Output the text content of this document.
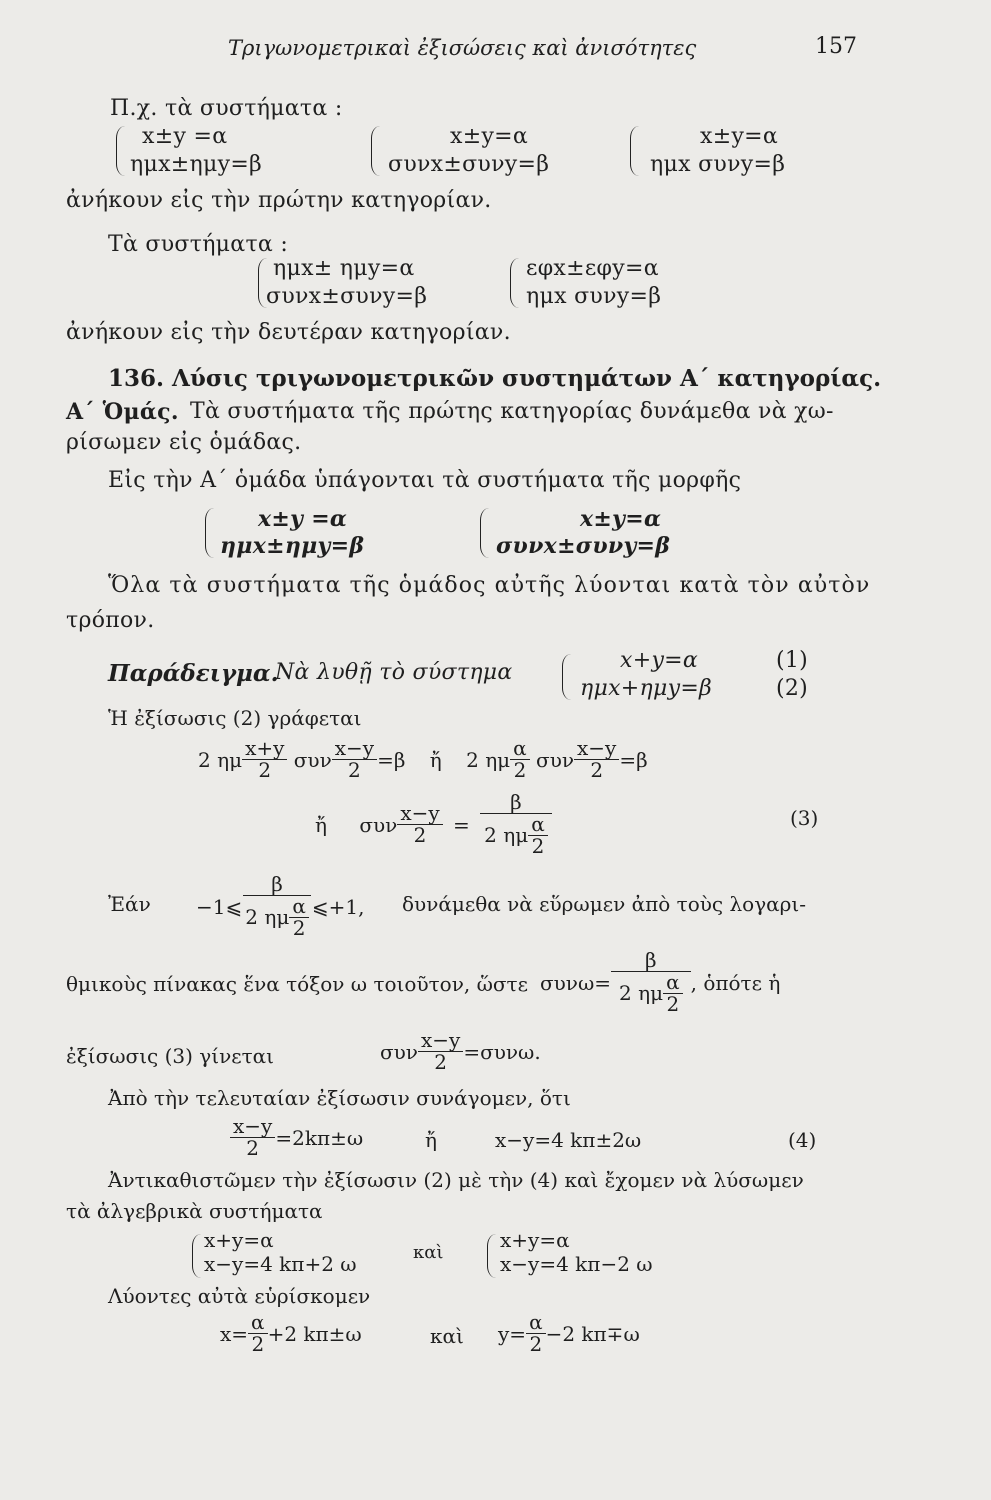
Τριγωνομετρικαὶ ἐξισώσεις καὶ ἀνισότητες	157
Π.χ. τὰ συστήματα :
x±y =α
ημx±ημy=β
x±y=α
συνx±συνy=β
x±y=α
ημx συνy=β
ἀνήκουν εἰς τὴν πρώτην κατηγορίαν.
Τὰ συστήματα :
ημx± ημy=α
συνx±συνy=β
εφx±εφy=α
ημx συνy=β
ἀνήκουν εἰς τὴν δευτέραν κατηγορίαν.
136. Λύσις τριγωνομετρικῶν συστημάτων Α΄ κατηγορίας.
Α΄ Ὁμάς. Τὰ συστήματα τῆς πρώτης κατηγορίας δυνάμεθα νὰ χω-
ρίσωμεν εἰς ὁμάδας.
Εἰς τὴν Α΄ ὁμάδα ὑπάγονται τὰ συστήματα τῆς μορφῆς
x±y =α
ημx±ημy=β
x±y=α
συνx±συνy=β
Ὅλα τὰ συστήματα τῆς ὁμάδος αὐτῆς λύονται κατὰ τὸν αὐτὸν
τρόπον.
Παράδειγμα.
Νὰ λυθῇ τὸ σύστημα	x+y=α	(1)
ημx+ημy=β	(2)
Ἡ ἐξίσωσις (2) γράφεται
2 ημ $\frac{x+y}{2}$ συν $\frac{x-y}{2} =\beta$ ἤ 2 ημ $\frac{\alpha}{2}$ συν $\frac{x-y}{2} =\beta$
ἤ συν $\frac{x-y}{2} = \frac{\beta}{2 \eta\mu \frac{\alpha}{2}}$	(3)
Ἐάν −1⩽ $\frac{\beta}{2 \eta\mu \frac{\alpha}{2}}$ ⩽+1, δυνάμεθα νὰ εὕρωμεν ἀπὸ τοὺς λογαρι-
θμικοὺς πίνακας ἕνα τόξον ω τοιοῦτον, ὥστε $\sigma\upsilon\nu\omega= \frac{\beta}{2 \eta\mu \frac{\alpha}{2}}$ , ὁπότε ἡ
ἐξίσωσις (3) γίνεται	συν $\frac{x-y}{2} =\sigma\upsilon\nu\omega$.
Ἀπὸ τὴν τελευταίαν ἐξίσωσιν συνάγομεν, ὅτι
$\frac{x-y}{2} =2k\pi\pm\omega$	ἤ	x−y=4 kπ±2ω	(4)
Ἀντικαθιστῶμεν τὴν ἐξίσωσιν (2) μὲ τὴν (4) καὶ ἔχομεν νὰ λύσωμεν
τὰ ἀλγεβρικὰ συστήματα
x+y=α
x−y=4 kπ+2 ω	καὶ
x+y=α
x−y=4 kπ−2 ω
Λύοντες αὐτὰ εὑρίσκομεν
$x= \frac{\alpha}{2} +2$ kπ±ω	καὶ $y= \frac{\alpha}{2} -2$ kπ∓ω
